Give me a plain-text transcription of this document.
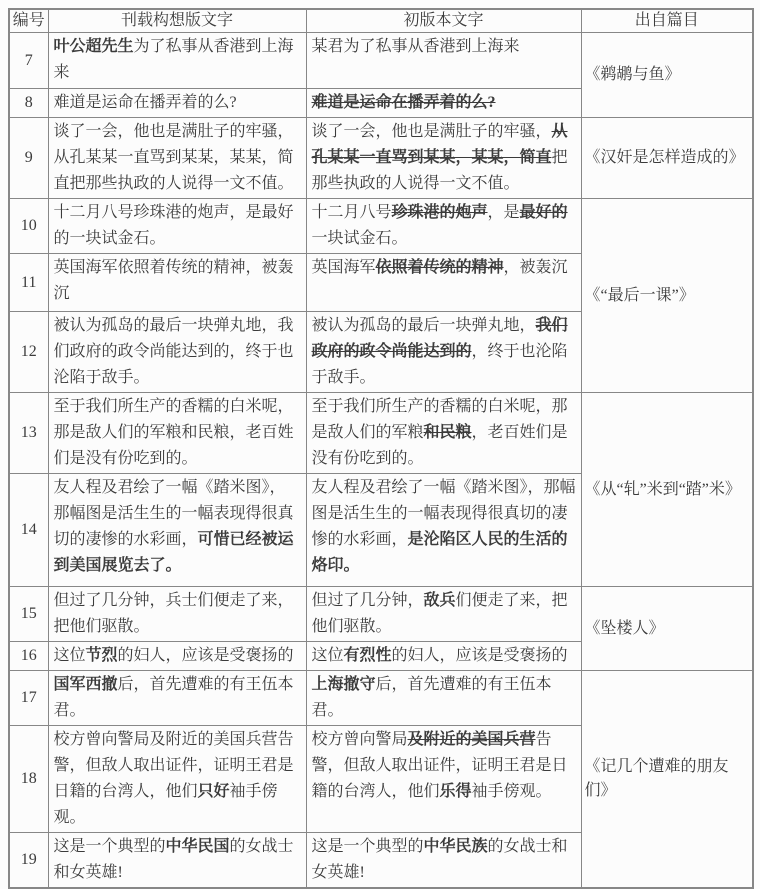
编号	刊载构想版文字	初版本文字	出自篇目
7	叶公超先生为了私事从香港到上海来	某君为了私事从香港到上海来	《鹈鹕与鱼》
8	难道是运命在播弄着的么?	难道是运命在播弄着的么?	
9	谈了一会，他也是满肚子的牢骚，从孔某某一直骂到某某，某某，简直把那些执政的人说得一文不值。	谈了一会，他也是满肚子的牢骚，从孔某某一直骂到某某，某某，简直把那些执政的人说得一文不值。	《汉奸是怎样造成的》
10	十二月八号珍珠港的炮声，是最好的一块试金石。	十二月八号珍珠港的炮声，是最好的一块试金石。	《“最后一课”》
11	英国海军依照着传统的精神，被轰沉	英国海军依照着传统的精神，被轰沉	
12	被认为孤岛的最后一块弹丸地，我们政府的政令尚能达到的，终于也沦陷于敌手。	被认为孤岛的最后一块弹丸地，我们政府的政令尚能达到的，终于也沦陷于敌手。	
13	至于我们所生产的香糯的白米呢，那是敌人们的军粮和民粮，老百姓们是没有份吃到的。	至于我们所生产的香糯的白米呢，那是敌人们的军粮和民粮，老百姓们是没有份吃到的。	《从“轧”米到“踏”米》
14	友人程及君绘了一幅《踏米图》，那幅图是活生生的一幅表现得很真切的凄惨的水彩画，可惜已经被运到美国展览去了。	友人程及君绘了一幅《踏米图》，那幅图是活生生的一幅表现得很真切的凄惨的水彩画，是沦陷区人民的生活的烙印。	
15	但过了几分钟，兵士们便走了来，把他们驱散。	但过了几分钟，敌兵们便走了来，把他们驱散。	《坠楼人》
16	这位节烈的妇人，应该是受褒扬的	这位有烈性的妇人，应该是受褒扬的	
17	国军西撤后，首先遭难的有王伍本君。	上海撤守后，首先遭难的有王伍本君。	《记几个遭难的朋友们》
18	校方曾向警局及附近的美国兵营告警，但敌人取出证件，证明王君是日籍的台湾人，他们只好袖手傍观。	校方曾向警局及附近的美国兵营告警，但敌人取出证件，证明王君是日籍的台湾人，他们乐得袖手傍观。	
19	这是一个典型的中华民国的女战士和女英雄!	这是一个典型的中华民族的女战士和女英雄!	
